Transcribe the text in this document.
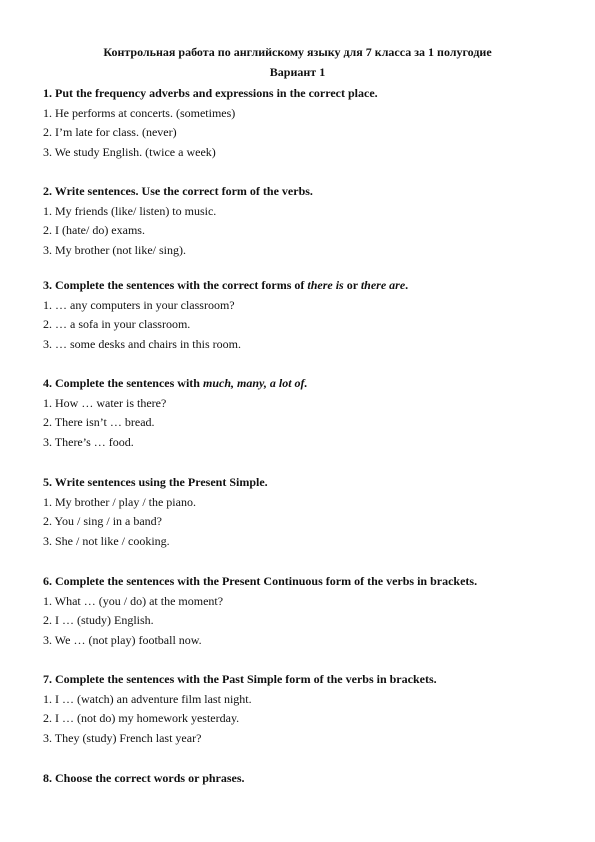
Контрольная работа по английскому языку для 7 класса за 1 полугодие
Вариант 1
1. Put the frequency adverbs and expressions in the correct place.
1. He performs at concerts. (sometimes)
2. I’m late for class. (never)
3. We study English. (twice a week)
2. Write sentences. Use the correct form of the verbs.
1. My friends (like/ listen) to music.
2. I (hate/ do) exams.
3. My brother (not like/ sing).
3. Complete the sentences with the correct forms of there is or there are.
1. … any computers in your classroom?
2. … a sofa in your classroom.
3. … some desks and chairs in this room.
4. Complete the sentences with much, many, a lot of.
1. How … water is there?
2. There isn’t … bread.
3. There’s … food.
5. Write sentences using the Present Simple.
1. My brother / play / the piano.
2. You / sing / in a band?
3. She / not like / cooking.
6. Complete the sentences with the Present Continuous form of the verbs in brackets.
1. What … (you / do) at the moment?
2. I … (study) English.
3. We … (not play) football now.
7. Complete the sentences with the Past Simple form of the verbs in brackets.
1. I … (watch) an adventure film last night.
2. I … (not do) my homework yesterday.
3. They (study) French last year?
8. Choose the correct words or phrases.
